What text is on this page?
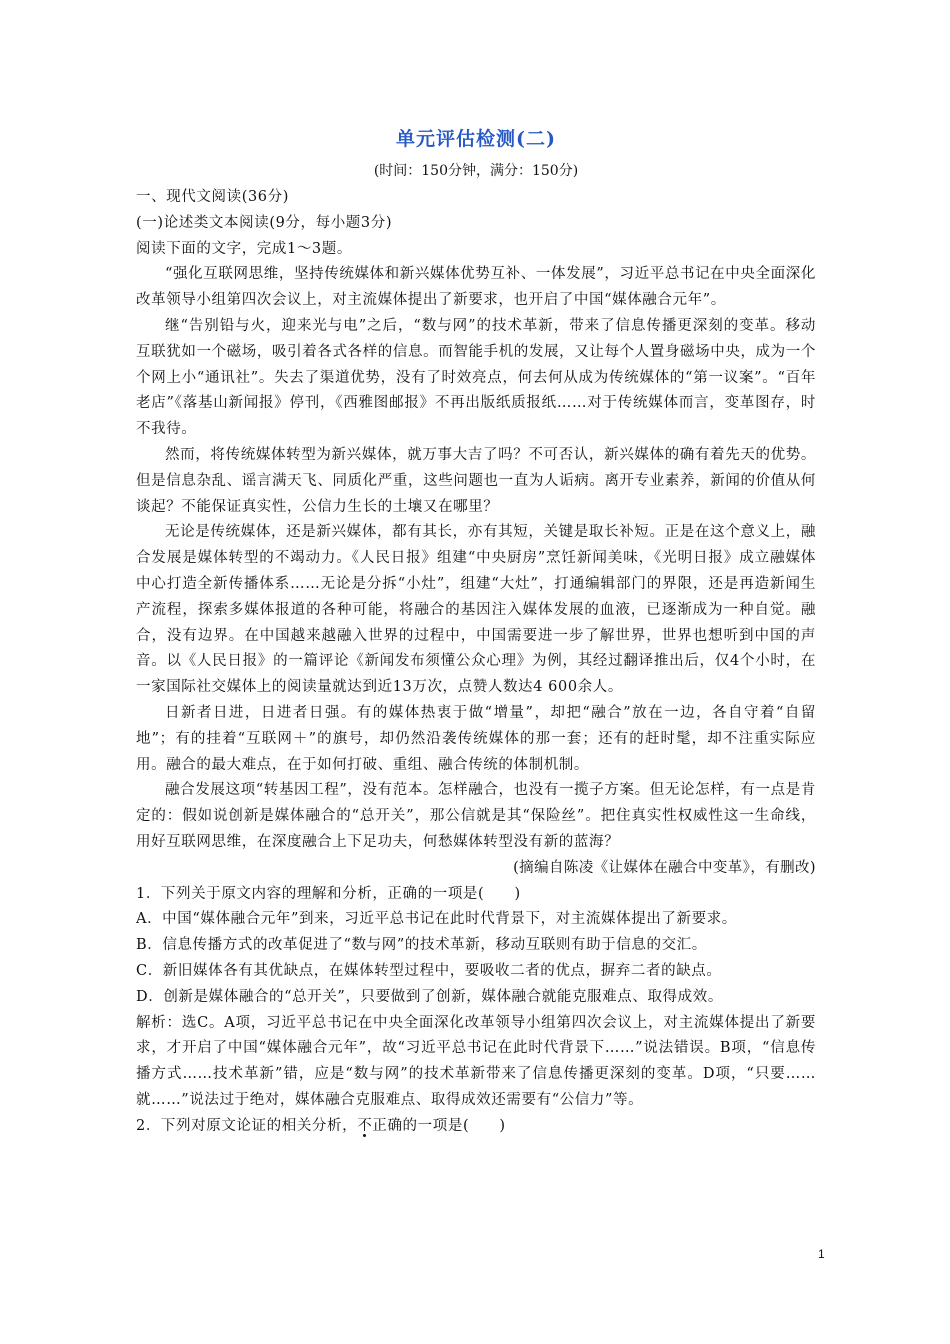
单元评估检测(二)

(时间：150分钟，满分：150分)

一、现代文阅读(36分)

(一)论述类文本阅读(9分，每小题3分)

阅读下面的文字，完成1～3题。

“强化互联网思维，坚持传统媒体和新兴媒体优势互补、一体发展”，习近平总书记在中央全面深化改革领导小组第四次会议上，对主流媒体提出了新要求，也开启了中国“媒体融合元年”。

继“告别铅与火，迎来光与电”之后，“数与网”的技术革新，带来了信息传播更深刻的变革。移动互联犹如一个磁场，吸引着各式各样的信息。而智能手机的发展，又让每个人置身磁场中央，成为一个个网上小“通讯社”。失去了渠道优势，没有了时效亮点，何去何从成为传统媒体的“第一议案”。“百年老店”《落基山新闻报》停刊，《西雅图邮报》不再出版纸质报纸……对于传统媒体而言，变革图存，时不我待。

然而，将传统媒体转型为新兴媒体，就万事大吉了吗？不可否认，新兴媒体的确有着先天的优势。但是信息杂乱、谣言满天飞、同质化严重，这些问题也一直为人诟病。离开专业素养，新闻的价值从何谈起？不能保证真实性，公信力生长的土壤又在哪里？

无论是传统媒体，还是新兴媒体，都有其长，亦有其短，关键是取长补短。正是在这个意义上，融合发展是媒体转型的不竭动力。《人民日报》组建“中央厨房”烹饪新闻美味，《光明日报》成立融媒体中心打造全新传播体系……无论是分拆“小灶”，组建“大灶”，打通编辑部门的界限，还是再造新闻生产流程，探索多媒体报道的各种可能，将融合的基因注入媒体发展的血液，已逐渐成为一种自觉。融合，没有边界。在中国越来越融入世界的过程中，中国需要进一步了解世界，世界也想听到中国的声音。以《人民日报》的一篇评论《新闻发布须懂公众心理》为例，其经过翻译推出后，仅4个小时，在一家国际社交媒体上的阅读量就达到近13万次，点赞人数达4 600余人。

日新者日进，日进者日强。有的媒体热衷于做“增量”，却把“融合”放在一边，各自守着“自留地”；有的挂着“互联网＋”的旗号，却仍然沿袭传统媒体的那一套；还有的赶时髦，却不注重实际应用。融合的最大难点，在于如何打破、重组、融合传统的体制机制。

融合发展这项“转基因工程”，没有范本。怎样融合，也没有一揽子方案。但无论怎样，有一点是肯定的：假如说创新是媒体融合的“总开关”，那公信就是其“保险丝”。把住真实性权威性这一生命线，用好互联网思维，在深度融合上下足功夫，何愁媒体转型没有新的蓝海？

(摘编自陈凌《让媒体在融合中变革》，有删改)

1．下列关于原文内容的理解和分析，正确的一项是(　　)

A．中国“媒体融合元年”到来，习近平总书记在此时代背景下，对主流媒体提出了新要求。

B．信息传播方式的改革促进了“数与网”的技术革新，移动互联则有助于信息的交汇。

C．新旧媒体各有其优缺点，在媒体转型过程中，要吸收二者的优点，摒弃二者的缺点。

D．创新是媒体融合的“总开关”，只要做到了创新，媒体融合就能克服难点、取得成效。

解析：选C。A项，习近平总书记在中央全面深化改革领导小组第四次会议上，对主流媒体提出了新要求，才开启了中国“媒体融合元年”，故“习近平总书记在此时代背景下……”说法错误。B项，“信息传播方式……技术革新”错，应是“数与网”的技术革新带来了信息传播更深刻的变革。D项，“只要……就……”说法过于绝对，媒体融合克服难点、取得成效还需要有“公信力”等。

2．下列对原文论证的相关分析，不正确的一项是(　　)

1
